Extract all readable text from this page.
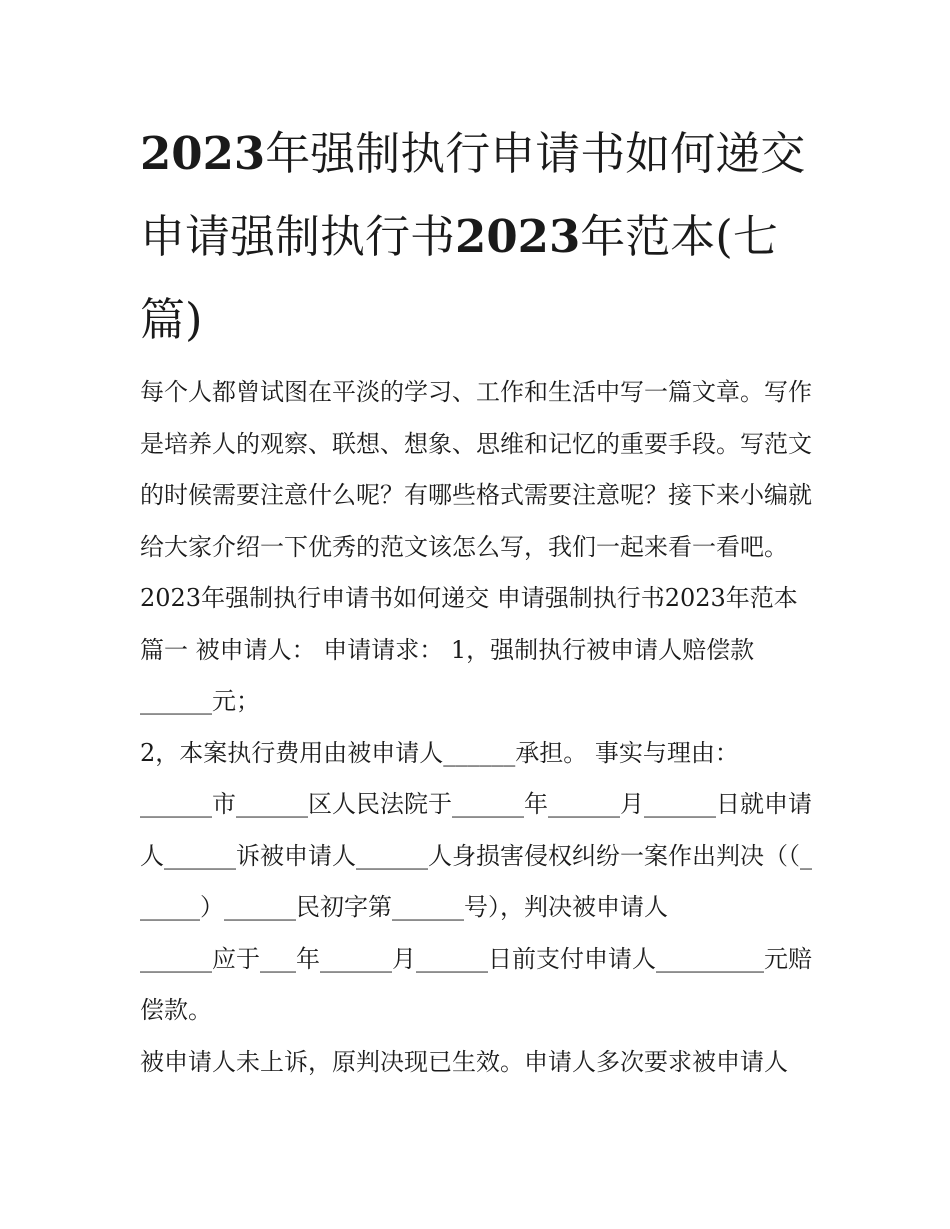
2023年强制执行申请书如何递交 申请强制执行书2023年范本(七篇)

每个人都曾试图在平淡的学习、工作和生活中写一篇文章。写作是培养人的观察、联想、想象、思维和记忆的重要手段。写范文的时候需要注意什么呢？有哪些格式需要注意呢？接下来小编就给大家介绍一下优秀的范文该怎么写，我们一起来看一看吧。

2023年强制执行申请书如何递交 申请强制执行书2023年范本篇一 被申请人： 申请请求： 1，强制执行被申请人赔偿款

______元；

2，本案执行费用由被申请人______承担。 事实与理由：

______市______区人民法院于______年______月______日就申请人______诉被申请人______人身损害侵权纠纷一案作出判决（（______）______民初字第______号），判决被申请人

______应于___年______月______日前支付申请人_________元赔偿款。

被申请人未上诉，原判决现已生效。申请人多次要求被申请人
